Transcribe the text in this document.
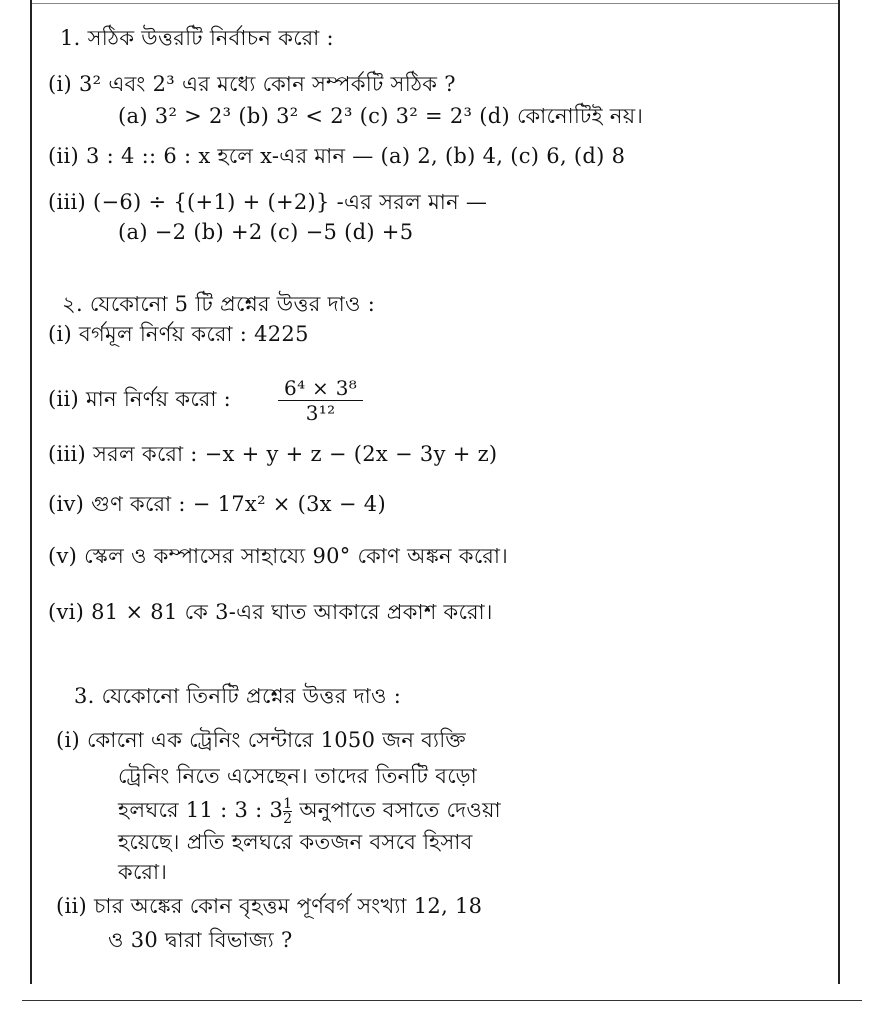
1. সঠিক উত্তরটি নির্বাচন করো :
(i) 3² এবং 2³ এর মধ্যে কোন সম্পর্কটি সঠিক ?
(a) 3² > 2³ (b) 3² < 2³ (c) 3² = 2³ (d) কোনোটিই নয়।
(ii) 3 : 4 :: 6 : x হলে x-এর মান — (a) 2, (b) 4, (c) 6, (d) 8
(iii) (−6) ÷ {(+1) + (+2)} -এর সরল মান —
(a) −2 (b) +2 (c) −5 (d) +5
২. যেকোনো 5 টি প্রশ্নের উত্তর দাও :
(i) বর্গমূল নির্ণয় করো : 4225
(ii) মান নির্ণয় করো : $\frac{\text{6⁴ × 3⁸}}{\text{3¹²}}$
(iii) সরল করো : −x + y + z − (2x − 3y + z)
(iv) গুণ করো : − 17x² × (3x − 4)
(v) স্কেল ও কম্পাসের সাহায্যে 90° কোণ অঙ্কন করো।
(vi) 81 × 81 কে 3-এর ঘাত আকারে প্রকাশ করো।
3. যেকোনো তিনটি প্রশ্নের উত্তর দাও :
(i) কোনো এক ট্রেনিং সেন্টারে 1050 জন ব্যক্তি
ট্রেনিং নিতে এসেছেন। তাদের তিনটি বড়ো
হলঘরে 11 : 3 : $3 \frac{1}{2}$ অনুপাতে বসাতে দেওয়া
হয়েছে। প্রতি হলঘরে কতজন বসবে হিসাব
করো।
(ii) চার অঙ্কের কোন বৃহত্তম পূর্ণবর্গ সংখ্যা 12, 18
ও 30 দ্বারা বিভাজ্য ?
